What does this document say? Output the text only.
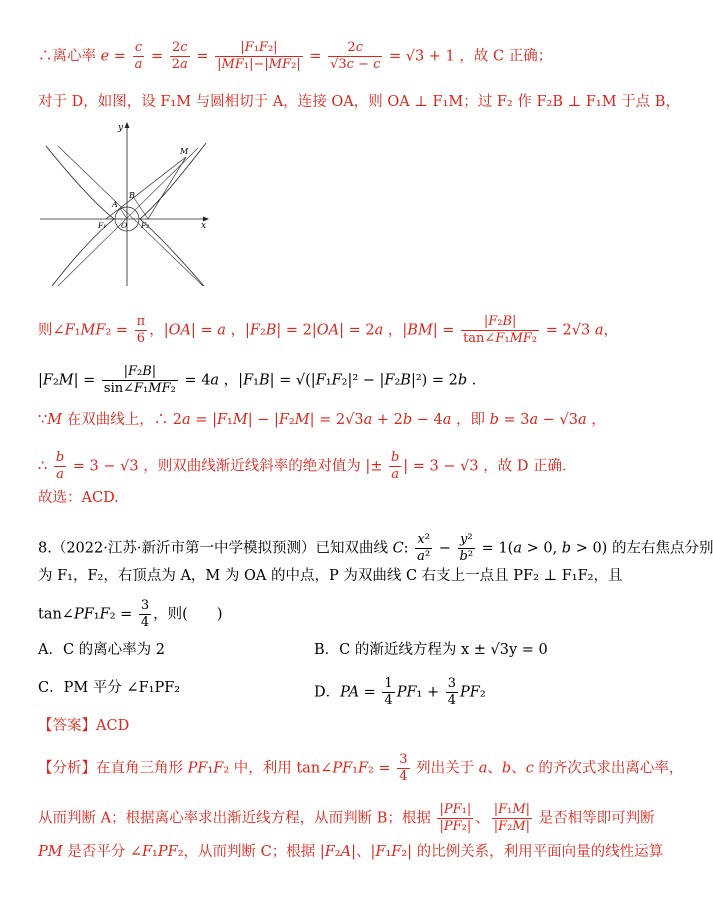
∴离心率 $e = \frac{c}{a} = \frac{2c}{2a} = \frac{\text{|F₁F₂|}}{\text{|MF₁|−|MF₂|}} = \frac{2c}{√3c - c} = √3 + 1$ ，故 C 正确；
对于 D，如图，设 F₁M 与圆相切于 A，连接 OA，则 OA ⊥ F₁M；过 F₂ 作 F₂B ⊥ F₁M 于点 B，
y
x
M
B
A
F₁ O F₂
则∠F₁MF₂ = $\frac{\pi}{6}$ ，|OA| = a ，|F₂B| = 2|OA| = 2a ，$|BM| = \frac{\text{|F₂B|}}{\text{tan∠F₁MF₂}} = 2√3$ a，
$|F_2M| = \frac{\text{|F₂B|}}{\text{sin∠F₁MF₂}} = 4a$ ，|F₁B| = √(|F₁F₂|² − |F₂B|²) = 2b ．
∵M 在双曲线上，∴ 2a = |F₁M| − |F₂M| = 2√3a + 2b − 4a ，即 b = 3a − √3a ，
∴ $\frac{b}{a} = 3 - √3$ ，则双曲线渐近线斜率的绝对值为 |± $\frac{b}{a}$ | = 3 − √3 ，故 D 正确．
故选：ACD.
8.（2022·江苏·新沂市第一中学模拟预测）已知双曲线 C: $\frac{\text{x²}}{\text{a²}} - \frac{\text{y²}}{\text{b²}} = 1(a > 0$, b > 0) 的左右焦点分别
为 F₁，F₂，右顶点为 A，M 为 OA 的中点，P 为双曲线 C 右支上一点且 PF₂ ⊥ F₁F₂，且
tan∠PF₁F₂ = $\frac{3}{4}$ ，则(　　)
A．C 的离心率为 2	B．C 的渐近线方程为 x ± √3y = 0
C．PM 平分 ∠F₁PF₂	D．PA = $\frac{1}{4} PF_1 + \frac{3}{4} PF_2$
【答案】ACD
【分析】在直角三角形 PF₁F₂ 中，利用 tan∠PF₁F₂ = $\frac{3}{4}$ 列出关于 a、b、c 的齐次式求出离心率，
从而判断 A；根据离心率求出渐近线方程，从而判断 B；根据 $\frac{\text{|PF₁|}}{\text{|PF₂|}}$ 、 $\frac{\text{|F₁M|}}{\text{|F₂M|}}$ 是否相等即可判断
PM 是否平分 ∠F₁PF₂，从而判断 C；根据 |F₂A|、|F₁F₂| 的比例关系，利用平面向量的线性运算
